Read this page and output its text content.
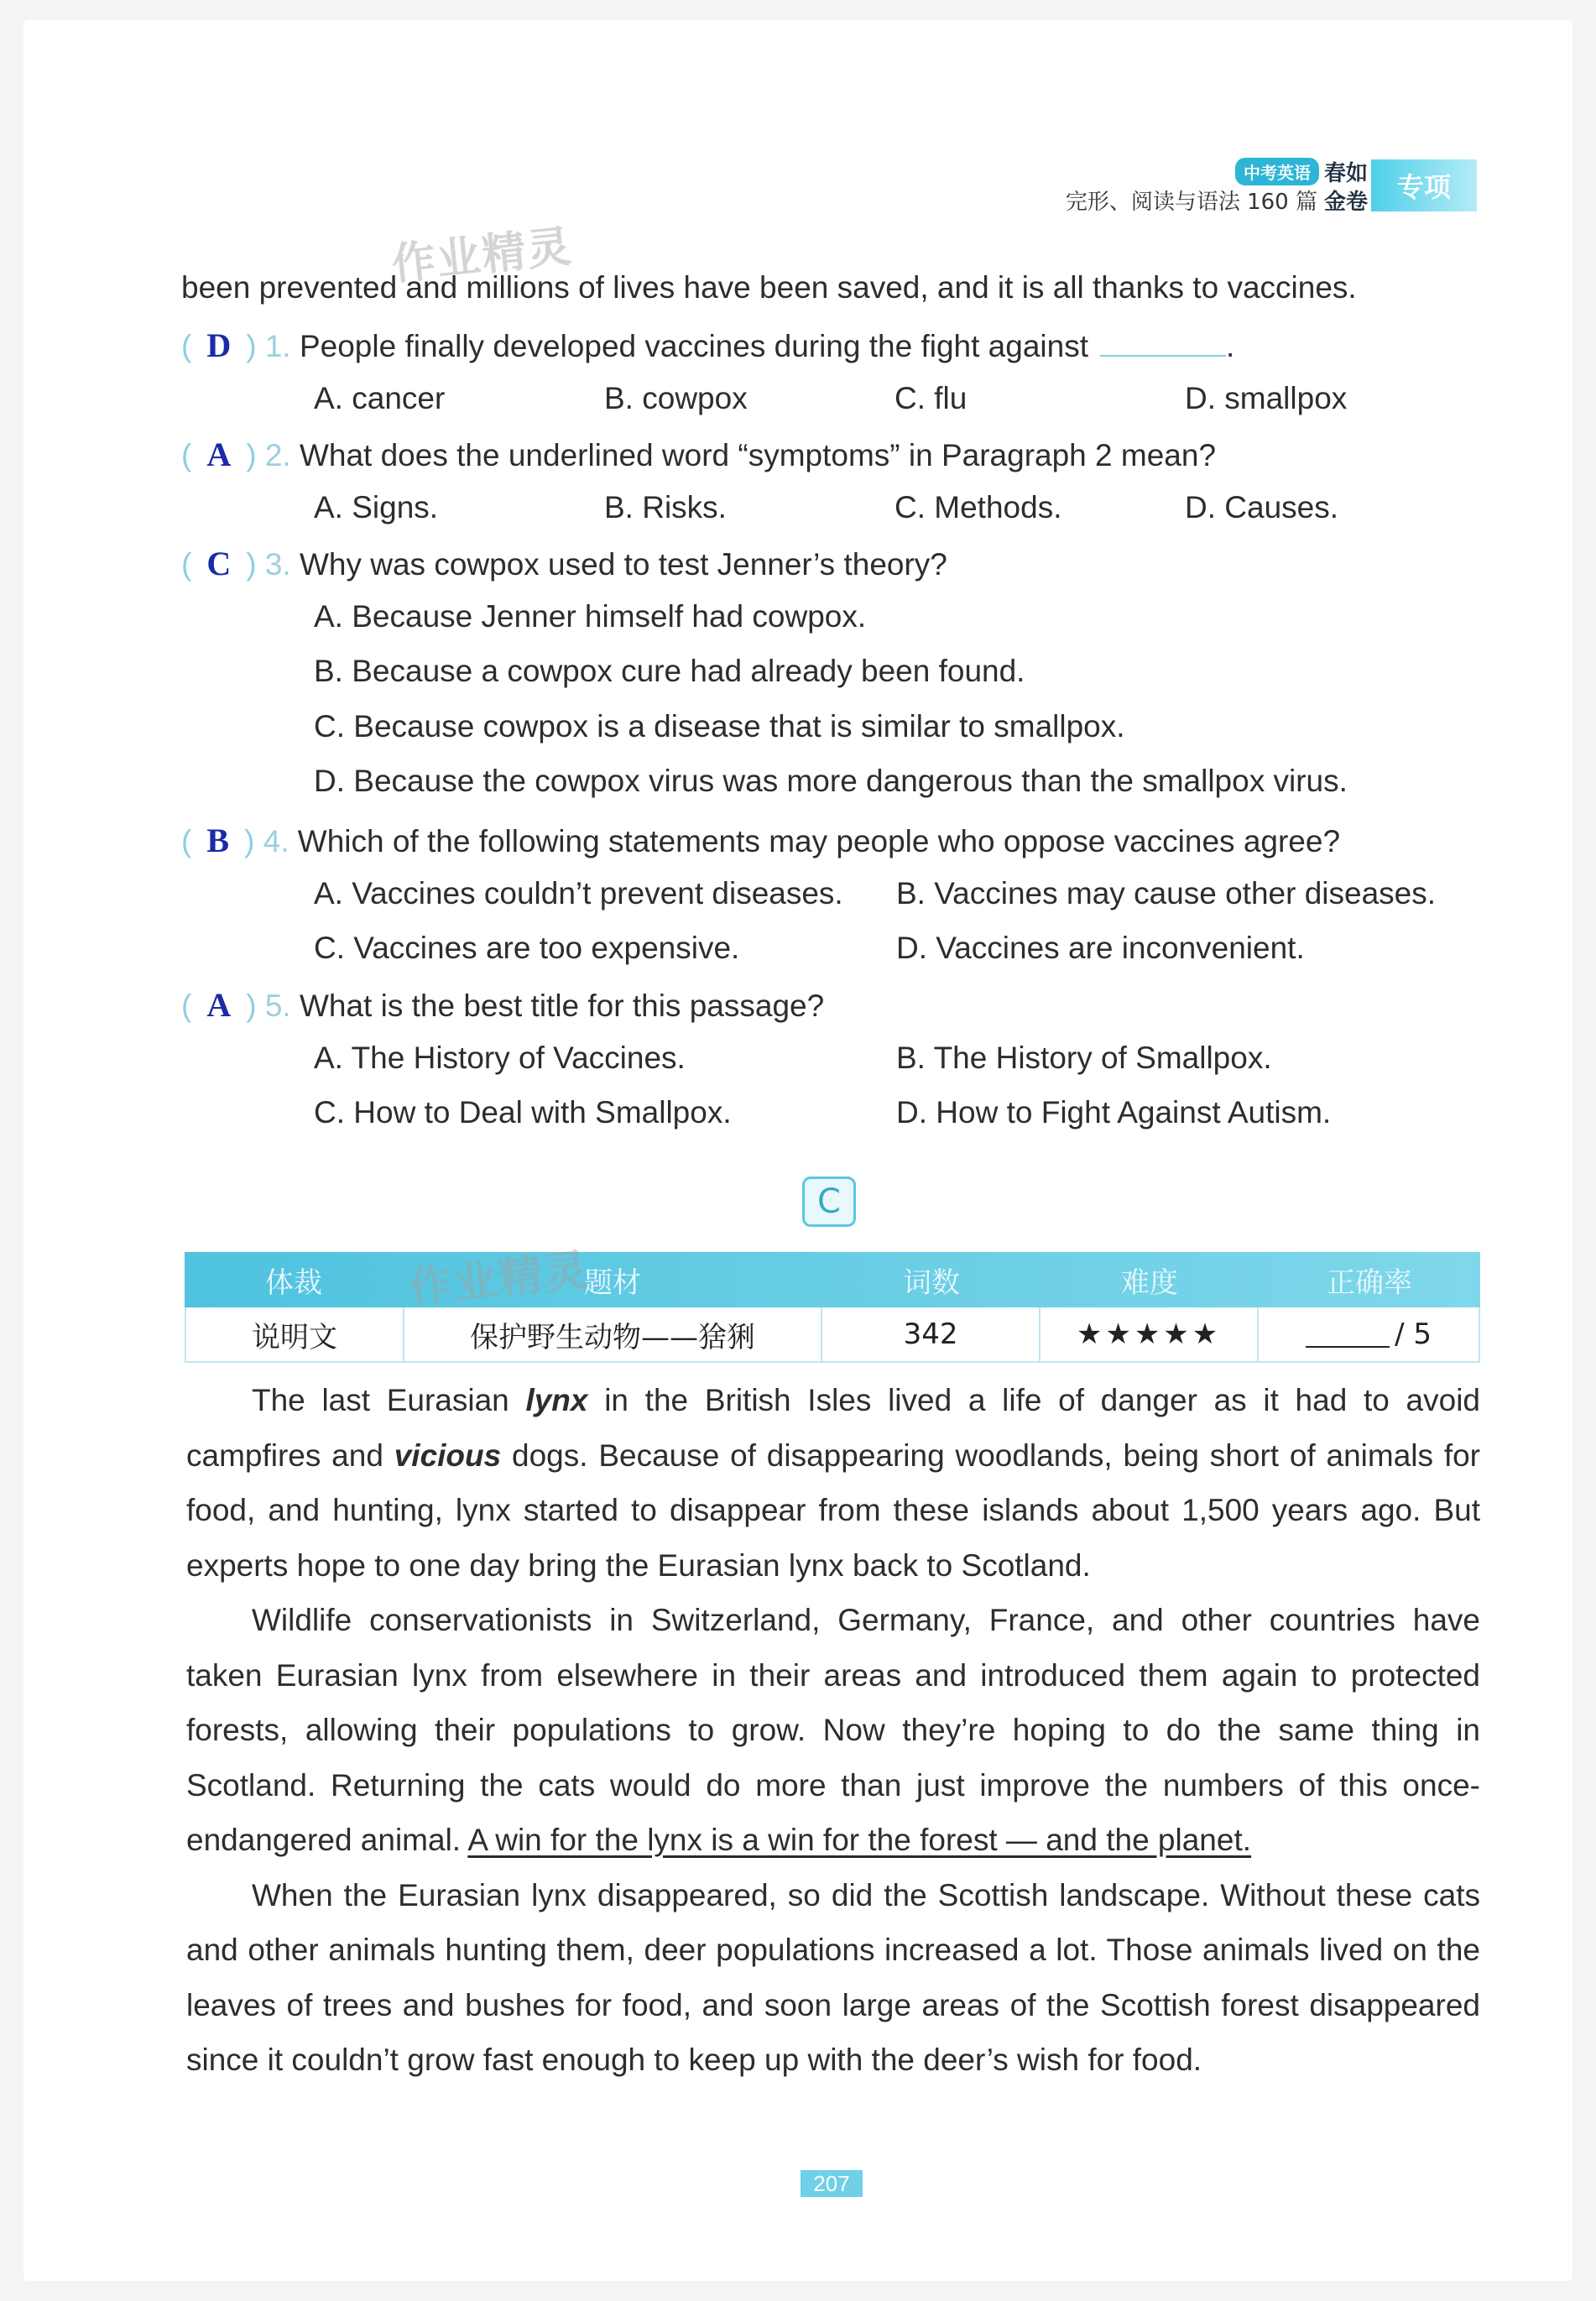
中考英语 春如
完形、阅读与语法 160 篇 金卷	专项
作业精灵
been prevented and millions of lives have been saved, and it is all thanks to vaccines.
( D ) 1. People finally developed vaccines during the fight against	.
A. cancer	B. cowpox	C. flu	D. smallpox
( A ) 2. What does the underlined word “symptoms” in Paragraph 2 mean?
A. Signs.	B. Risks.	C. Methods.	D. Causes.
( C ) 3. Why was cowpox used to test Jenner’s theory?
A. Because Jenner himself had cowpox.
B. Because a cowpox cure had already been found.
C. Because cowpox is a disease that is similar to smallpox.
D. Because the cowpox virus was more dangerous than the smallpox virus.
( B ) 4. Which of the following statements may people who oppose vaccines agree?
A. Vaccines couldn’t prevent diseases. B. Vaccines may cause other diseases.
C. Vaccines are too expensive.	D. Vaccines are inconvenient.
( A ) 5. What is the best title for this passage?
A. The History of Vaccines.	B. The History of Smallpox.
C. How to Deal with Smallpox.	D. How to Fight Against Autism.
C
体裁	题材	词数	难度	正确率
说明文	保护野生动物——猞猁	342	★★★★★	/ 5
作业精灵

The last Eurasian lynx in the British Isles lived a life of danger as it had to avoid campfires and vicious dogs. Because of disappearing woodlands, being short of animals for food, and hunting, lynx started to disappear from these islands about 1,500 years ago. But experts hope to one day bring the Eurasian lynx back to Scotland.

Wildlife conservationists in Switzerland, Germany, France, and other countries have taken Eurasian lynx from elsewhere in their areas and introduced them again to protected forests, allowing their populations to grow. Now they’re hoping to do the same thing in Scotland. Returning the cats would do more than just improve the numbers of this once-endangered animal. A win for the lynx is a win for the forest — and the planet.

When the Eurasian lynx disappeared, so did the Scottish landscape. Without these cats and other animals hunting them, deer populations increased a lot. Those animals lived on the leaves of trees and bushes for food, and soon large areas of the Scottish forest disappeared since it couldn’t grow fast enough to keep up with the deer’s wish for food.

207
